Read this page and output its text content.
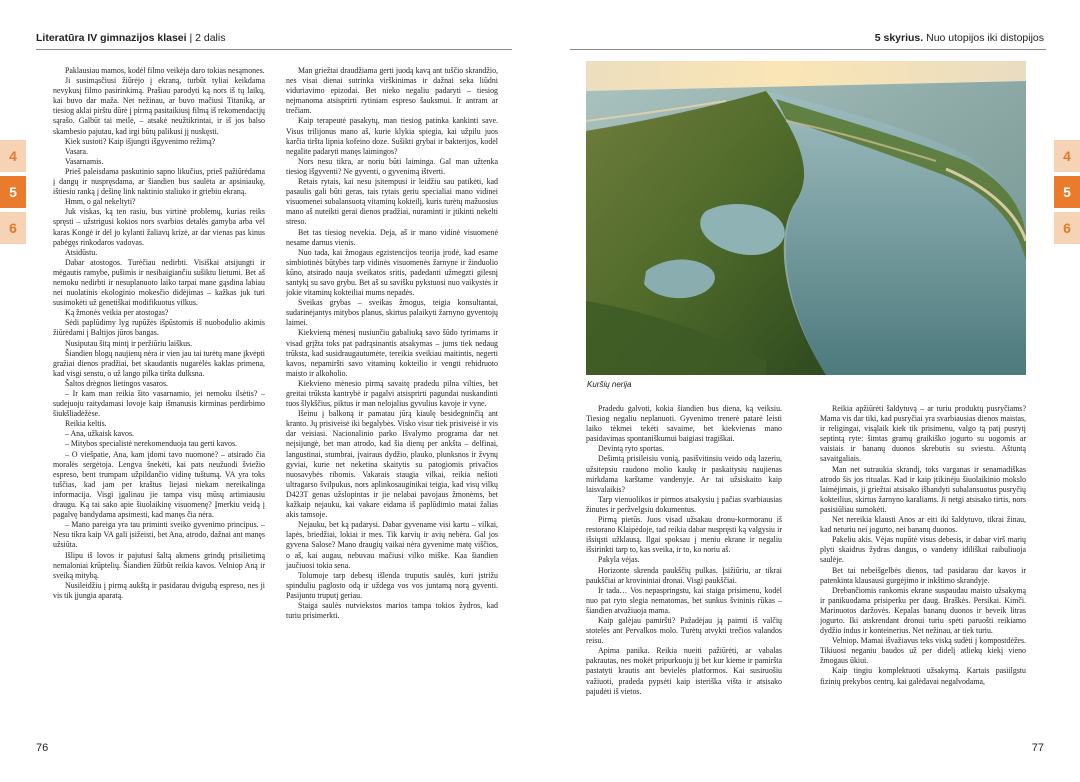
Literatūra IV gimnazijos klasei | 2 dalis	5 skyrius. Nuo utopijos iki distopijos
4
5
6
4
5
6

Paklausiau mamos, kodėl filmo veikėja daro tokias nesąmones.

Ji susimąsčiusi žiūrėjo į ekraną, turbūt tyliai keikdama nevykusį filmo pasirinkimą. Prašiau parodyti ką nors iš tų laikų, kai buvo dar maža. Net nežinau, ar buvo mačiusi Titaniką, ar tiesiog aklai pirštu dūrė į pirmą pasitaikiusį filmą iš rekomendacijų sąrašo. Galbūt tai meilė, – atsakė neužtikrintai, ir iš jos balso skambesio pajutau, kad irgi būtų palikusi jį nuskęsti.

Kiek sustoti? Kaip išjungti išgyvenimo režimą?

Vasara.

Vasarnamis.

Prieš paleisdama paskutinio sapno likučius, prieš pažiūrėdama į dangų ir nuspręsdama, ar šiandien bus saulėta ar apsiniaukę, ištiesiu ranką į dešinę link naktinio staliuko ir griebiu ekraną.

Hmm, o gal nekeltyti?

Juk viskas, ką ten rasiu, bus virtinė problemų, kurias reiks spręsti – užstrigusi kokios nors svarbios detalės gamyba arba vėl karas Kongė ir dėl jo kylanti žaliavų krizė, ar dar vienas pas kinus pabėgęs rinkodaros vadovas.

Atsidūstu.

Dabar atostogos. Turėčiau nedirbti. Visiškai atsijungti ir mėgautis ramybe, pušimis ir nesibaigiančiu sušiktu lietumi. Bet aš nemoku nedirbti ir nesuplanuoto laiko tarpai mane gąsdina labiau nei nuolatinis ekologinio mokesčio didėjimas – kažkas juk turi susimokėti už genetiškai modifikuotus vilkus.

Ką žmonės veikia per atostogas?

Sėdi paplūdimy lyg rupūžės išpūstomis iš nuobodulio akimis žiūrėdami į Baltijos jūros bangas.

Nusiputau šitą mintį ir peržiūriu laiškus.

Šiandien blogų naujienų nėra ir vien jau tai turėtų mane įkvėpti gražiai dienos pradžiai, bet skaudantis nugarėlės kaklas primena, kad visgi senstu, o už lango pilka tiršta dulksna.

Šaltos drėgnos lietingos vasaros.

– Ir kam man reikia šito vasarnamio, jei nemoku ilsėtis? – sudejuoju raitydamasi lovoje kaip išmanusis kirminas perdirbimo šiukšliadėžėse.

Reikia keltis.

– Ana, užkaisk kavos.

– Mitybos specialistė nerekomenduoja tau gerti kavos.

– O viešpatie, Ana, kam įdomi tavo nuomonė? – atsirado čia moralės sergėtoja. Lengva šnekėti, kai pats neužuodi šviežio espreso, bent trumpam užpildančio vidinę tuštumą. VA yra toks tuščias, kad jam per kraštus liejasi niekam nereikalinga informacija. Visgi įgalinau jie tampa visų mūsų artimiausiu draugu. Ką tai sako apie šiuolaikinę visuomenę? Įmerkiu veidą į pagalvę bandydama apsimesti, kad manęs čia nėra.

– Mano pareiga yra tau priminti sveiko gyvenimo principus. – Nesu tikra kaip VA gali įsižeisti, bet Ana, atrodo, dažnai ant manęs užsiūta.

Išlipu iš lovos ir pajutusi šaltą akmens grindų prisilietimą nemaloniai krūptelių. Šiandien žūtbūt reikia kavos. Velniop Aną ir sveiką mitybą.

Nusileidžiu į pirmą aukštą ir pasidarau dvigubą espreso, nes ji vis tik įjungia aparatą.

Man griežtai draudžiama gerti juodą kavą ant tuščio skrandžio, nes visai dienai sutrinka virškinimas ir dažnai seka liūdni viduriavimo epizodai. Bet nieko negaliu padaryti – tiesiog nejmanoma atsisprirti rytiniam espreso šauksmui. Ir antram ar trečiam.

Kaip terapeutė pasakytų, man tiesiog patinka kankinti save. Visus trilijonus mano aš, kurie klykia spiegia, kai užpilu juos karčia tiršta lipnia kofeino doze. Sušikti grybai ir bakterijos, kodėl negalite padaryti manęs laimingos?

Nors nesu tikra, ar noriu būti laiminga. Gal man užtenka tiesiog išgyventi? Ne gyventi, o gyvenimą ištverti.

Retais rytais, kai nesu įsitempusi ir leidžiu sau patikėti, kad pasaulis gali būti geras, tais rytais geriu specialiai mano vidinei visuomenei subalansuotą vitaminų kokteilį, kuris turėtų mažuosius mano aš nuteikti gerai dienos pradžiai, nuraminti ir įtikinti nekelti streso.

Bet tas tiesiog nevekia. Deja, aš ir mano vidinė visuomenė nesame darnus vienis.

Nuo tada, kai žmogaus egzistencijos teorija įrodė, kad esame simbiotinės būtybės tarp vidinės visuomenės žarnyne ir žinduolio kūno, atsirado nauja sveikatos sritis, padedanti užmegzti gilesnį santykį su savo grybu. Bet aš su savišku pykstuosi nuo vaikystės ir jokie vitaminų kokteiliai mums nepadės.

Sveikas grybas – sveikas žmogus, teigia konsultantai, sudarinėjantys mitybos planus, skirtus palaikyti žarnyno gyventojų laimei.

Kiekvieną mėnesį nusiunčiu gabaliuką savo šūdo tyrimams ir visad grįžta toks pat padrąsinantis atsakymas – jums tiek nedaug trūksta, kad susidraugautumėte, tereikia sveikiau maitintis, negerti kavos, nepamiršti savo vitaminų kokteilio ir vengti rehidruoto maisto ir alkoholio.

Kiekvieno mėnesio pirmą savaitę pradedu pilna vilties, bet greitai trūksta kantrybė ir pagalvi atsisprirti pagundai nuskandinti tuos šlykščius, piktus ir man nelojalius gyvulius kavoje ir vyne.

Išeinu į balkoną ir pamatau jūrą kiaulę besidegninčią ant kranto. Jų prisiveisė iki begalybės. Visko visur tiek prisiveisė ir vis dar veisiasi. Nacionalinio parko Išvalymo programa dar net neįsijungė, bet man atrodo, kad šia dienų per ankšta – delfinai, langustinai, stumbrai, įvairaus dydžio, plauko, plunksnos ir žvynų gyviai, kurie net neketina skaitytis su patogiomis privačios nuosavybės ribomis. Vakarais staugia vilkai, reikia nešioti ultragarso švilpukus, nors aplinkosauginikai teigia, kad visų vilkų D423T genas užslopintas ir jie nelabai pavojaus žmonėms, bet kažkaip nejauku, kai vakare eidama iš paplūdimio matai žalias akis tamsoje.

Nejauku, bet ką padarysi. Dabar gyvename visi kartu – vilkai, lapės, briedžiai, lokiai ir mes. Tik karvių ir avių nebėra. Gal jos gyvena Salose? Mano draugių vaikai nėra gyvenime matę viščios, o aš, kai augau, nebuvau mačiusi vilko miške. Kaa šiandien jaučiuosi tokia sena.

Tolumoje tarp debesų išlenda truputis saulės, kuri įstrižu spinduliu paglosto odą ir uždega vos vos juntamą norą gyventi. Pasijuntu truputį geriau.

Staiga saulės nutviekstos marios tampa tokios žydros, kad turiu prisimerkti.

Kuršių nerija

Pradedu galvoti, kokia šiandien bus diena, ką veiksiu. Tiesiog negaliu neplanuoti. Gyvenimo trenerė patarė leisti laiko tėkmei tekėti savaime, bet kiekvienas mano pasidavimas spontaniškumui baigiasi tragiškai.

Devintą ryto sportas.

Dešimtą prisileisiu vonią, pasišvitinsiu veido odą lazeriu, užsitepsiu raudono molio kaukę ir paskaitysiu naujienas mirkdama karštame vandenyje. Ar tai užsiskaito kaip laisvalaikis?

Tarp vienuolikos ir pirmos atsakysiu į pačias svarbiausias žinutes ir peržvelgsiu dokumentus.

Pirmą pietūs. Juos visad užsakau dronu-kormoranu iš restorano Klaipėdoje, tad reikia dabar nuspręsti ką valgysiu ir išsiųsti užklausą. Ilgai spoksau į meniu ekrane ir negaliu išsirinkti tarp to, kas sveika, ir to, ko noriu aš.

Pakyla vėjas.

Horizonte skrenda paukščių pulkas. Įsižiūriu, ar tikrai paukščiai ar krovininiai dronai. Visgi paukščiai.

Ir tada… Vos nepaspringstu, kai staiga prisimenu, kodėl nuo pat ryto slegia nematomas, bet sunkus švininis rūkas – šiandien atvažiuoja mama.

Kaip galėjau pamiršti? Pažadėjau ją paimti iš valčių stotelės ant Pervalkos molo. Turėtų atvykti trečios valandos reisu.

Apima panika. Reikia nueiti pažiūrėti, ar vabalas pakrautas, nes mokėt pripurkuoju jį bet kur kieme ir pamiršta pastatyti krautis ant bevielės platformos. Kai susiruošiu važiuoti, pradeda pypsėti kaip isteriška višta ir atsisako pajudėti iš vietos.

Reikia apžiūrėti šaldytuvą – ar turiu produktų pusryčiams? Mama vis dar tiki, kad pusryčiai yra svarbiausias dienos maistas, ir religingai, visąlaik kiek tik prisimenu, valgo tą patį pusrytį septintą ryte: šimtas gramų graikiško jogurto su uogomis ar vaisiais ir bananų duonos skrebutis su sviestu. Aštuntą savaitgaliais.

Man net sutraukia skrandį, toks varganas ir senamadiškas atrodo šis jos ritualas. Kad ir kaip įtikinėju šiuolaikinio mokslo laimėjimais, ji griežtai atsisako išbandyti subalansuotus pusryčių kokteilius, skirtus žarnyno karaliams. Ji netgi atsisako tirtis, nors pasisiūliau sumokėti.

Net nereikia klausti Anos ar eiti iki šaldytuvo, tikrai žinau, kad neturiu nei jogurto, nei bananų duonos.

Pakeliu akis. Vėjas nupūtė visus debesis, ir dabar virš marių plyti skaidrus žydras dangus, o vandeny idiliškai raibuliuoja saulėje.

Bet tai nebeišgelbės dienos, tad pasidarau dar kavos ir patenkinta klausausi gurgėjimo ir inkštimo skrandyje.

Drebančiomis rankomis ekrane suspaudau maisto užsakymą ir panikuodama prisiperku per daug. Braškės. Persikai. Kimči. Marinuotos daržovės. Kepalas bananų duonos ir beveik litras jogurto. Iki atskrendant dronui turiu spėti paruošti reikiamo dydžio indus ir konteinerius. Net nežinau, ar tiek turiu.

Velniop. Mamai išvažiavus teks viską sudėti į kompostdėžes. Tikiuosi neganiu baudos už per didelį atliekų kiekį vieno žmogaus ūkiui.

Kaip tingiu komplektuoti užsakymą. Kartais pasiilgstu fizinių prekybos centrų, kai galėdavai negalvodama,

76	77
